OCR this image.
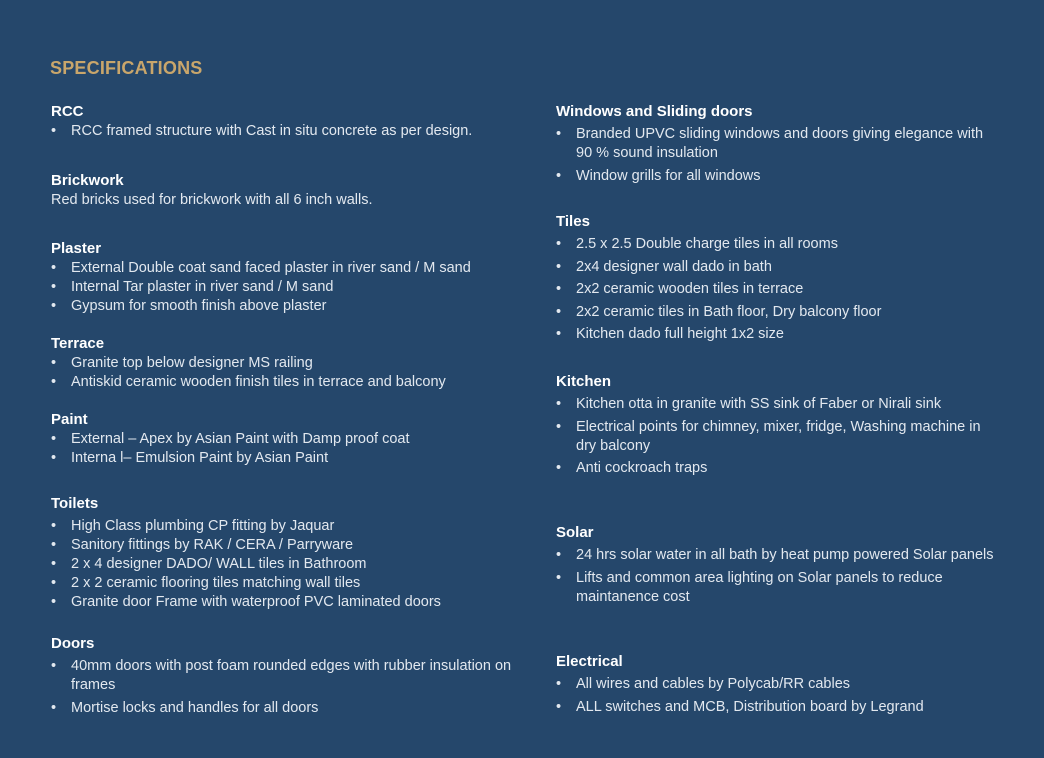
SPECIFICATIONS
RCC
• RCC framed structure with Cast in situ concrete as per design.
Brickwork

Red bricks used for brickwork with all 6 inch walls.

Plaster
• External Double coat sand faced plaster in river sand / M sand
• Internal Tar plaster in river sand / M sand
• Gypsum for smooth finish above plaster
Terrace
• Granite top below designer MS railing
• Antiskid ceramic wooden finish tiles in terrace and balcony
Paint
• External – Apex by Asian Paint with Damp proof coat
• Interna l– Emulsion Paint by Asian Paint
Toilets
• High Class plumbing CP fitting by Jaquar
• Sanitory fittings by RAK / CERA / Parryware
• 2 x 4 designer DADO/ WALL tiles in Bathroom
• 2 x 2 ceramic flooring tiles matching wall tiles
• Granite door Frame with waterproof PVC laminated doors
Doors
• 40mm doors with post foam rounded edges with rubber insulation on frames
• Mortise locks and handles for all doors
Windows and Sliding doors
• Branded UPVC sliding windows and doors giving elegance with 90 % sound insulation
• Window grills for all windows
Tiles
• 2.5 x 2.5 Double charge tiles in all rooms
• 2x4 designer wall dado in bath
• 2x2 ceramic wooden tiles in terrace
• 2x2 ceramic tiles in Bath floor, Dry balcony floor
• Kitchen dado full height 1x2 size
Kitchen
• Kitchen otta in granite with SS sink of Faber or Nirali sink
• Electrical points for chimney, mixer, fridge, Washing machine in dry balcony
• Anti cockroach traps
Solar
• 24 hrs solar water in all bath by heat pump powered Solar panels
• Lifts and common area lighting on Solar panels to reduce maintanence cost
Electrical
• All wires and cables by Polycab/RR cables
• ALL switches and MCB, Distribution board by Legrand
